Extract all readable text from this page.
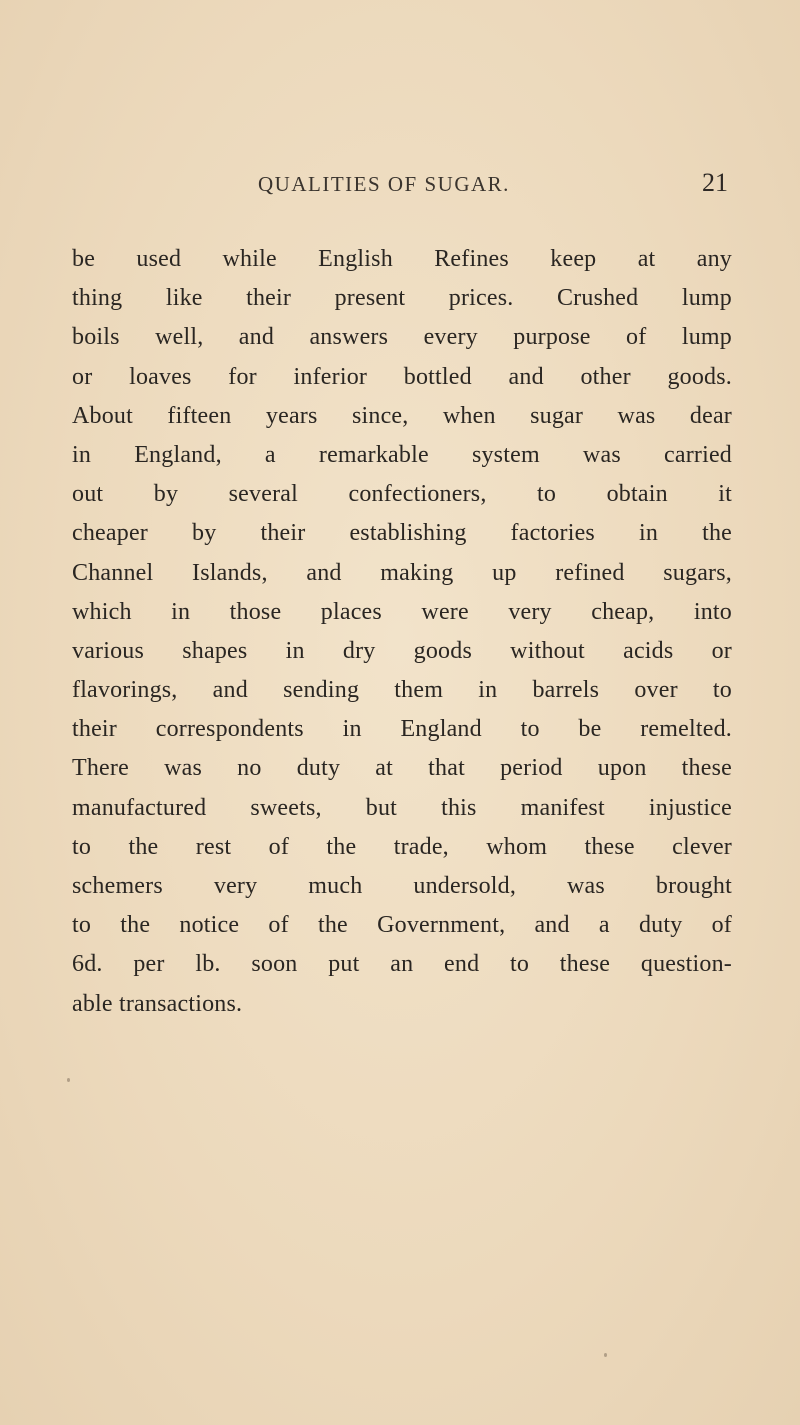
QUALITIES OF SUGAR.	21
be used while English Refines keep at any
thing like their present prices. Crushed lump
boils well, and answers every purpose of lump
or loaves for inferior bottled and other goods.
About fifteen years since, when sugar was dear
in England, a remarkable system was carried
out by several confectioners, to obtain it
cheaper by their establishing factories in the
Channel Islands, and making up refined sugars,
which in those places were very cheap, into
various shapes in dry goods without acids or
flavorings, and sending them in barrels over to
their correspondents in England to be remelted.
There was no duty at that period upon these
manufactured sweets, but this manifest injustice
to the rest of the trade, whom these clever
schemers very much undersold, was brought
to the notice of the Government, and a duty of
6d. per lb. soon put an end to these question-
able transactions.
